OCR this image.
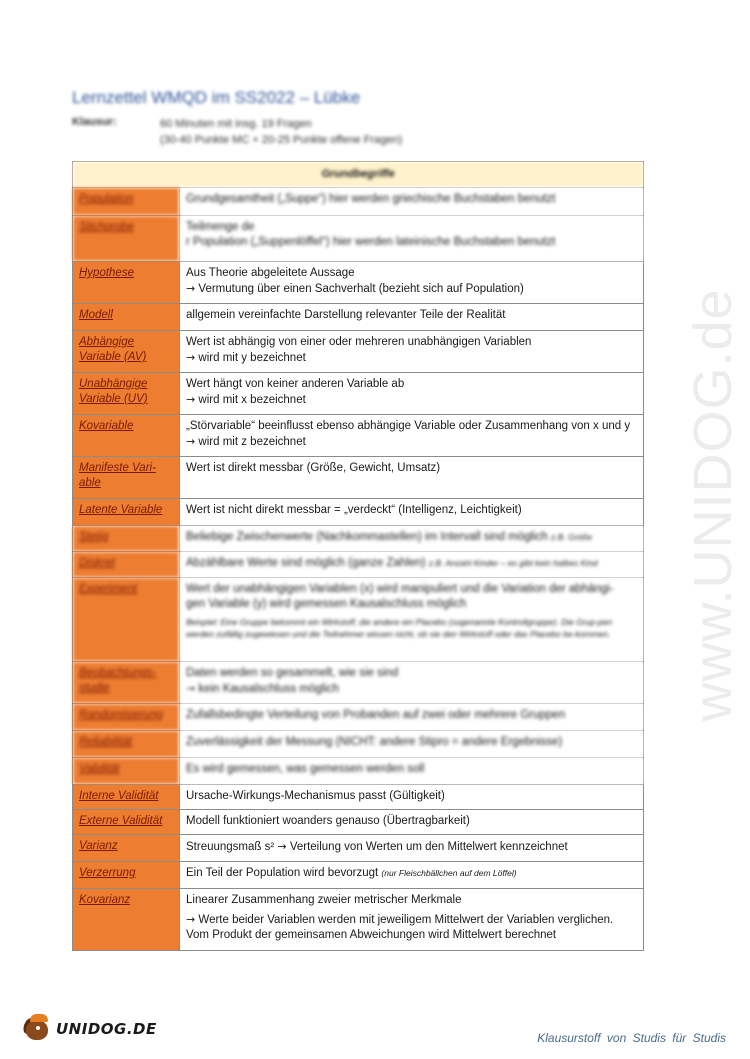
Lernzettel WMQD im SS2022 – Lübke
Klausur:	60 Minuten mit insg. 19 Fragen
(30-40 Punkte MC + 20-25 Punkte offene Fragen)
Grundbegriffe	
Population	Grundgesamtheit („Suppe“) hier werden griechische Buchstaben benutzt
Stichprobe	Teilmenge de
r Population („Suppenlöffel“) hier werden lateinische Buchstaben benutzt

Hypothese	Aus Theorie abgeleitete Aussage
→ Vermutung über einen Sachverhalt (bezieht sich auf Population)

Modell	allgemein vereinfachte Darstellung relevanter Teile der Realität
Abhängige Variable (AV)	Wert ist abhängig von einer oder mehreren unabhängigen Variablen
→ wird mit y bezeichnet

Unabhängige Variable (UV)	Wert hängt von keiner anderen Variable ab
→ wird mit x bezeichnet

Kovariable	„Störvariable“ beeinflusst ebenso abhängige Variable oder Zusammenhang von x und y
→ wird mit z bezeichnet

Manifeste Vari-able	Wert ist direkt messbar (Größe, Gewicht, Umsatz)
Latente Variable	Wert ist nicht direkt messbar = „verdeckt“ (Intelligenz, Leichtigkeit)
Stetig	Beliebige Zwischenwerte (Nachkommastellen) im Intervall sind möglich z.B. Größe
Diskret	Abzählbare Werte sind möglich (ganze Zahlen) z.B. Anzahl Kinder – es gibt kein halbes Kind
Experiment	Wert der unabhängigen Variablen (x) wird manipuliert und die Variation der abhängi-
gen Variable (y) wird gemessen Kausalschluss möglich
Beispiel: Eine Gruppe bekommt ein Wirkstoff, die andere ein Placebo (sogenannte Kontrollgruppe). Die Grup-pen werden zufällig zugewiesen und die Teilnehmer wissen nicht, ob sie den Wirkstoff oder das Placebo be-kommen.

Beobachtungs-studie	Daten werden so gesammelt, wie sie sind
→ kein Kausalschluss möglich

Randomisierung	Zufallsbedingte Verteilung von Probanden auf zwei oder mehrere Gruppen
Reliabilität	Zuverlässigkeit der Messung (NICHT: andere Stipro = andere Ergebnisse)
Validität	Es wird gemessen, was gemessen werden soll
Interne Validität	Ursache-Wirkungs-Mechanismus passt (Gültigkeit)
Externe Validität	Modell funktioniert woanders genauso (Übertragbarkeit)
Varianz	Streuungsmaß s² → Verteilung von Werten um den Mittelwert kennzeichnet
Verzerrung	Ein Teil der Population wird bevorzugt (nur Fleischbällchen auf dem Löffel)
Kovarianz	Linearer Zusammenhang zweier metrischer Merkmale
→ Werte beider Variablen werden mit jeweiligem Mittelwert der Variablen verglichen.
Vom Produkt der gemeinsamen Abweichungen wird Mittelwert berechnet
www.UNIDOG.de
UNIDOG.DE	Klausurstoff von Studis für Studis
